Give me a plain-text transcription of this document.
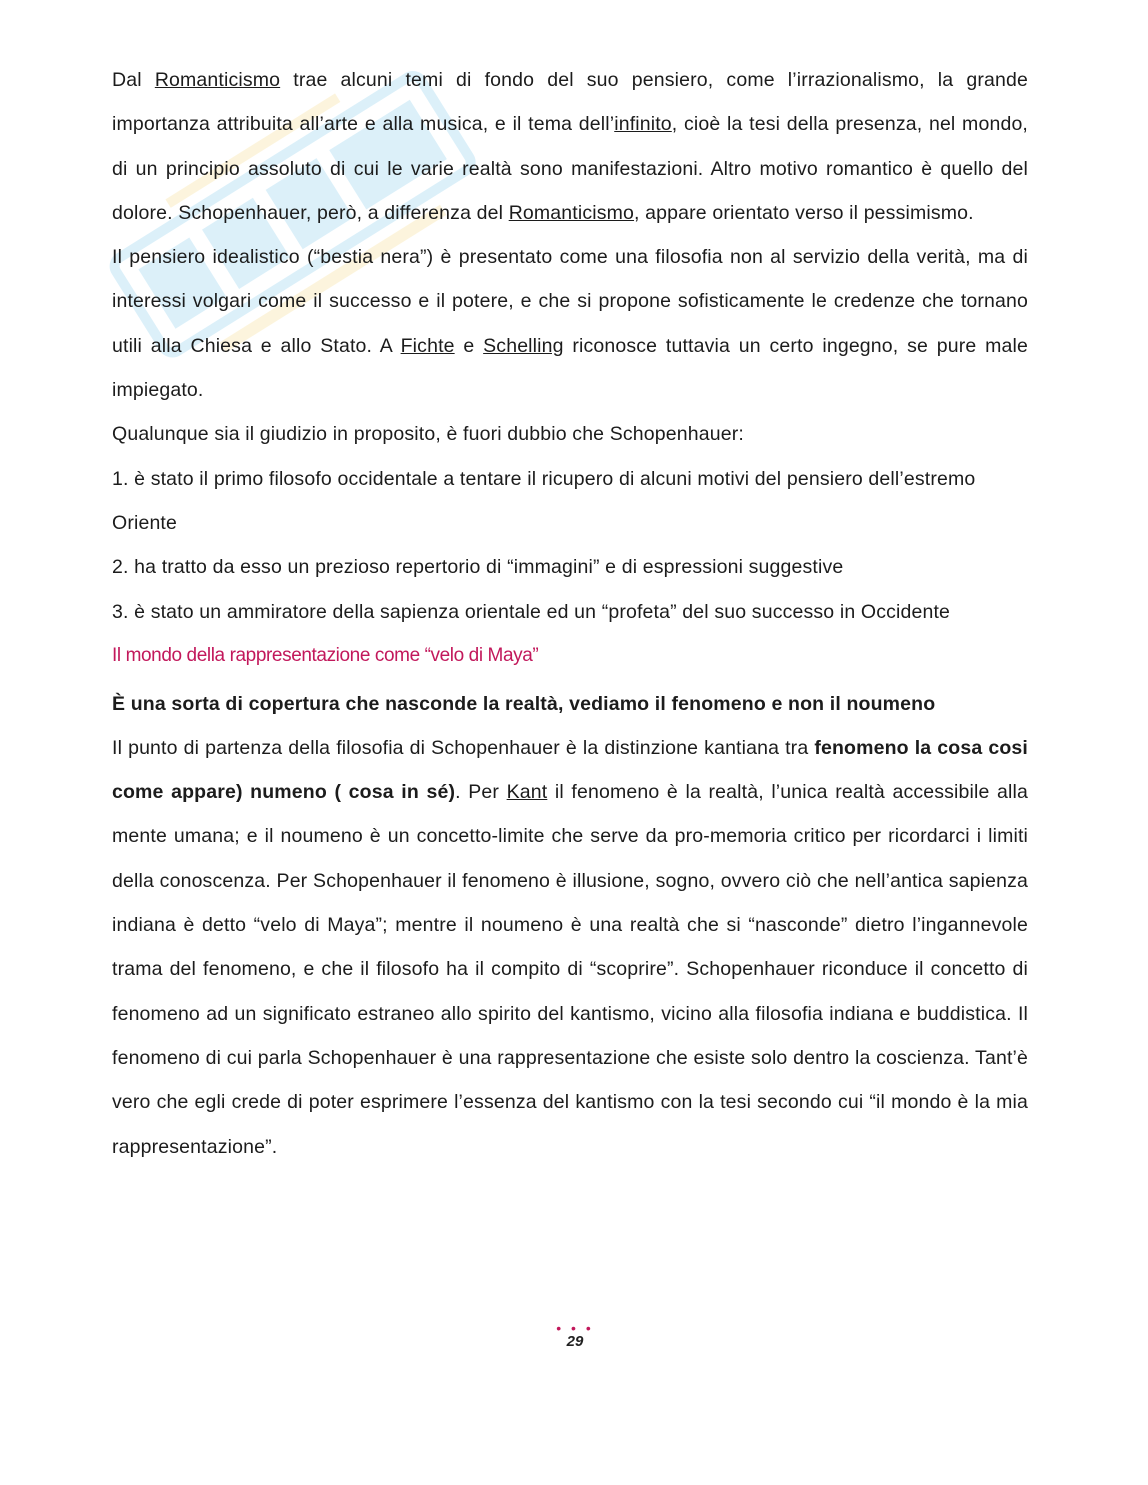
Dal Romanticismo trae alcuni temi di fondo del suo pensiero, come l’irrazionalismo, la grande importanza attribuita all’arte e alla musica, e il tema dell’infinito, cioè la tesi della presenza, nel mondo, di un principio assoluto di cui le varie realtà sono manifestazioni. Altro motivo romantico è quello del dolore. Schopenhauer, però, a differenza del Romanticismo, appare orientato verso il pessimismo.

Il pensiero idealistico (“bestia nera”) è presentato come una filosofia non al servizio della verità, ma di interessi volgari come il successo e il potere, e che si propone sofisticamente le credenze che tornano utili alla Chiesa e allo Stato. A Fichte e Schelling riconosce tuttavia un certo ingegno, se pure male impiegato.

Qualunque sia il giudizio in proposito, è fuori dubbio che Schopenhauer:

1. è stato il primo filosofo occidentale a tentare il ricupero di alcuni motivi del pensiero dell’estremo Oriente

2. ha tratto da esso un prezioso repertorio di “immagini” e di espressioni suggestive

3. è stato un ammiratore della sapienza orientale ed un “profeta” del suo successo in Occidente

Il mondo della rappresentazione come “velo di Maya”

È una sorta di copertura che nasconde la realtà, vediamo il fenomeno e non il noumeno

Il punto di partenza della filosofia di Schopenhauer è la distinzione kantiana tra fenomeno la cosa cosi come appare) numeno ( cosa in sé). Per Kant il fenomeno è la realtà, l’unica realtà accessibile alla mente umana; e il noumeno è un concetto-limite che serve da pro-memoria critico per ricordarci i limiti della conoscenza. Per Schopenhauer il fenomeno è illusione, sogno, ovvero ciò che nell’antica sapienza indiana è detto “velo di Maya”; mentre il noumeno è una realtà che si “nasconde” dietro l’ingannevole trama del fenomeno, e che il filosofo ha il compito di “scoprire”. Schopenhauer riconduce il concetto di fenomeno ad un significato estraneo allo spirito del kantismo, vicino alla filosofia indiana e buddistica. Il fenomeno di cui parla Schopenhauer è una rappresentazione che esiste solo dentro la coscienza. Tant’è vero che egli crede di poter esprimere l’essenza del kantismo con la tesi secondo cui “il mondo è la mia rappresentazione”.

• • •
29
